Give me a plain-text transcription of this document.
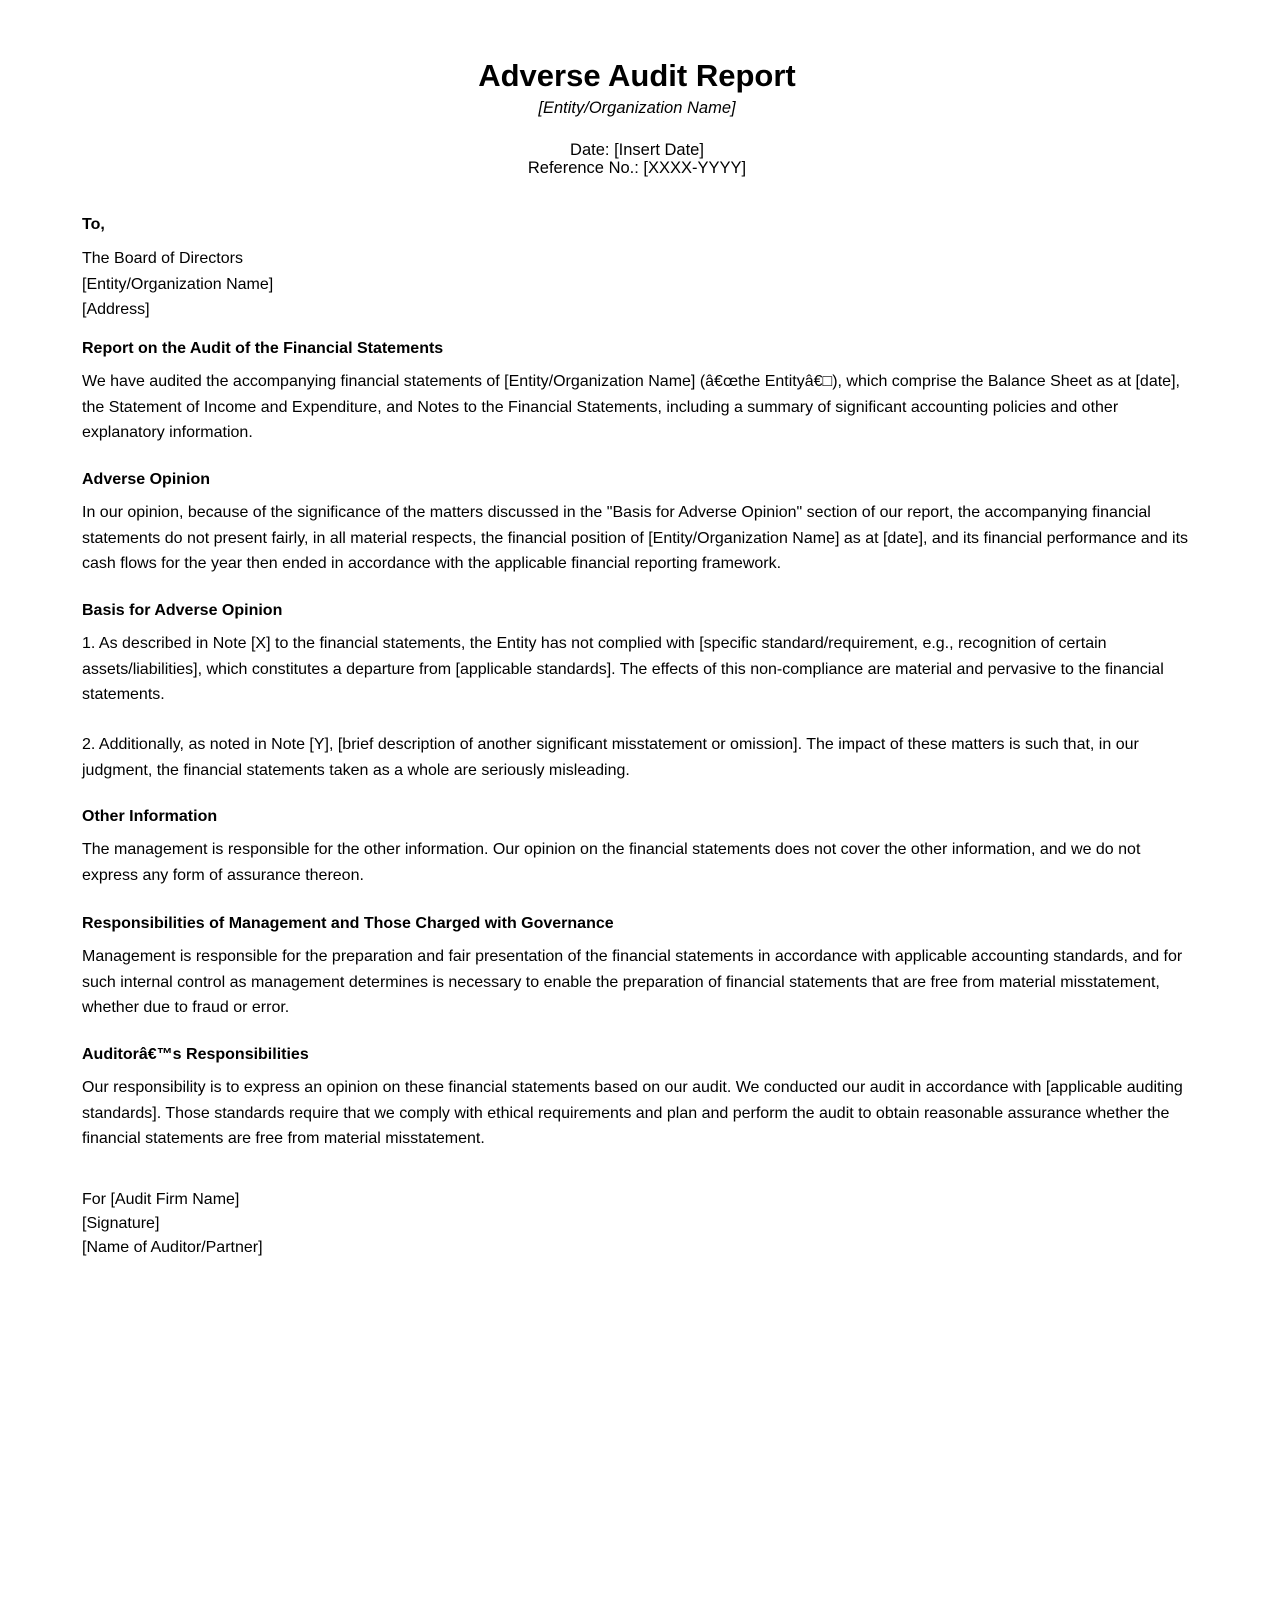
Adverse Audit Report

[Entity/Organization Name]

Date: [Insert Date]
Reference No.: [XXXX-YYYY]
To,
The Board of Directors
[Entity/Organization Name]
[Address]
Report on the Audit of the Financial Statements

We have audited the accompanying financial statements of [Entity/Organization Name] (â€œthe Entityâ€□), which comprise the Balance Sheet as at [date], the Statement of Income and Expenditure, and Notes to the Financial Statements, including a summary of significant accounting policies and other explanatory information.

Adverse Opinion

In our opinion, because of the significance of the matters discussed in the "Basis for Adverse Opinion" section of our report, the accompanying financial statements do not present fairly, in all material respects, the financial position of [Entity/Organization Name] as at [date], and its financial performance and its cash flows for the year then ended in accordance with the applicable financial reporting framework.

Basis for Adverse Opinion

1. As described in Note [X] to the financial statements, the Entity has not complied with [specific standard/requirement, e.g., recognition of certain assets/liabilities], which constitutes a departure from [applicable standards]. The effects of this non-compliance are material and pervasive to the financial statements.

2. Additionally, as noted in Note [Y], [brief description of another significant misstatement or omission]. The impact of these matters is such that, in our judgment, the financial statements taken as a whole are seriously misleading.

Other Information

The management is responsible for the other information. Our opinion on the financial statements does not cover the other information, and we do not express any form of assurance thereon.

Responsibilities of Management and Those Charged with Governance

Management is responsible for the preparation and fair presentation of the financial statements in accordance with applicable accounting standards, and for such internal control as management determines is necessary to enable the preparation of financial statements that are free from material misstatement, whether due to fraud or error.

Auditorâ€™s Responsibilities

Our responsibility is to express an opinion on these financial statements based on our audit. We conducted our audit in accordance with [applicable auditing standards]. Those standards require that we comply with ethical requirements and plan and perform the audit to obtain reasonable assurance whether the financial statements are free from material misstatement.

For [Audit Firm Name]
[Signature]
[Name of Auditor/Partner]
